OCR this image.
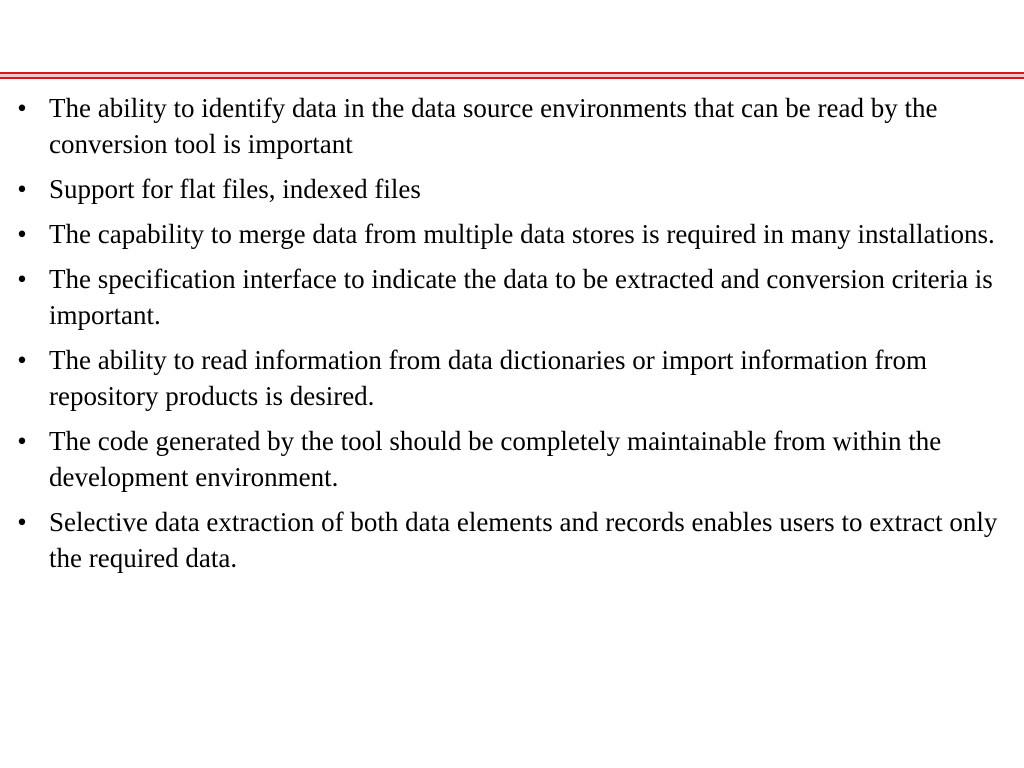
• The ability to identify data in the data source environments that can be read by the conversion tool is important
• Support for flat files, indexed files
• The capability to merge data from multiple data stores is required in many installations.
• The specification interface to indicate the data to be extracted and conversion criteria is important.
• The ability to read information from data dictionaries or import information from repository products is desired.
• The code generated by the tool should be completely maintainable from within the development environment.
• Selective data extraction of both data elements and records enables users to extract only the required data.
